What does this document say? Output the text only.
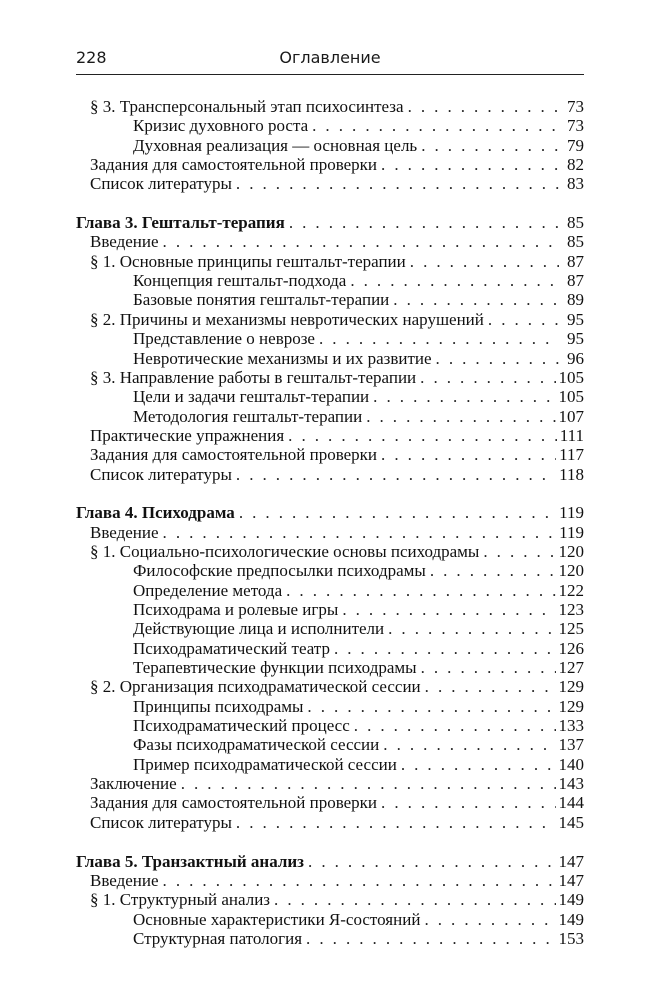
228	Оглавление
§ 3. Трансперсональный этап психосинтеза . . .	73
Кризис духовного роста . . .	73
Духовная реализация — основная цель . . .	79
Задания для самостоятельной проверки . . .	82
Список литературы . . .	83
Глава 3. Гештальт-терапия . . .	85
Введение . . .	85
§ 1. Основные принципы гештальт-терапии . . .	87
Концепция гештальт-подхода . . .	87
Базовые понятия гештальт-терапии . . .	89
§ 2. Причины и механизмы невротических нарушений . . .	95
Представление о неврозе . . .	95
Невротические механизмы и их развитие . . .	96
§ 3. Направление работы в гештальт-терапии . . .	105
Цели и задачи гештальт-терапии . . .	105
Методология гештальт-терапии . . .	107
Практические упражнения . . .	111
Задания для самостоятельной проверки . . .	117
Список литературы . . .	118
Глава 4. Психодрама . . .	119
Введение . . .	119
§ 1. Социально-психологические основы психодрамы . . .	120
Философские предпосылки психодрамы . . .	120
Определение метода . . .	122
Психодрама и ролевые игры . . .	123
Действующие лица и исполнители . . .	125
Психодраматический театр . . .	126
Терапевтические функции психодрамы . . .	127
§ 2. Организация психодраматической сессии . . .	129
Принципы психодрамы . . .	129
Психодраматический процесс . . .	133
Фазы психодраматической сессии . . .	137
Пример психодраматической сессии . . .	140
Заключение . . .	143
Задания для самостоятельной проверки . . .	144
Список литературы . . .	145
Глава 5. Транзактный анализ . . .	147
Введение . . .	147
§ 1. Структурный анализ . . .	149
Основные характеристики Я-состояний . . .	149
Структурная патология . . .	153
